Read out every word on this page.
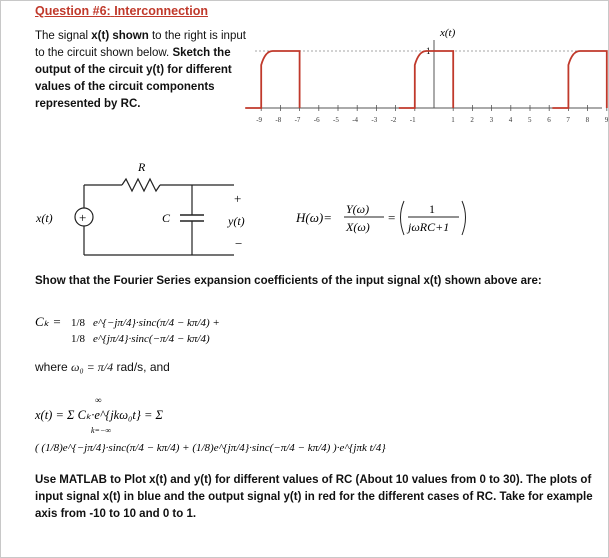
Question #6: Interconnection
The signal x(t) shown to the right is input to the circuit shown below. Sketch the output of the circuit y(t) for different values of the circuit components represented by RC.
x(t)
1
-9 -8 -7 -6 -5 -4 -3 -2 -1	1 2 3 4 5 6 7 8 9
R
+
x(t)	C
+
y(t)
−
H(ω)=
Y(ω)
X(ω)
=
1
jωRC+1
Show that the Fourier Series expansion coefficients of the input signal x(t) shown above are:
Cₖ = 1/8 e^{−jπ/4}·sinc(π/4 − kπ/4) +
1/8 e^{jπ/4}·sinc(−π/4 − kπ/4)
where ω₀ = π/4 rad/s, and
x(t) = Σ Cₖ·e^{jkω₀t} = Σ
∞
k=−∞
( (1/8)e^{−jπ/4}·sinc(π/4 − kπ/4) + (1/8)e^{jπ/4}·sinc(−π/4 − kπ/4) )·e^{jπk t/4}
Use MATLAB to Plot x(t) and y(t) for different values of RC (About 10 values from 0 to 30). The plots of input signal x(t) in blue and the output signal y(t) in red for the different cases of RC. Take for example axis from -10 to 10 and 0 to 1.
